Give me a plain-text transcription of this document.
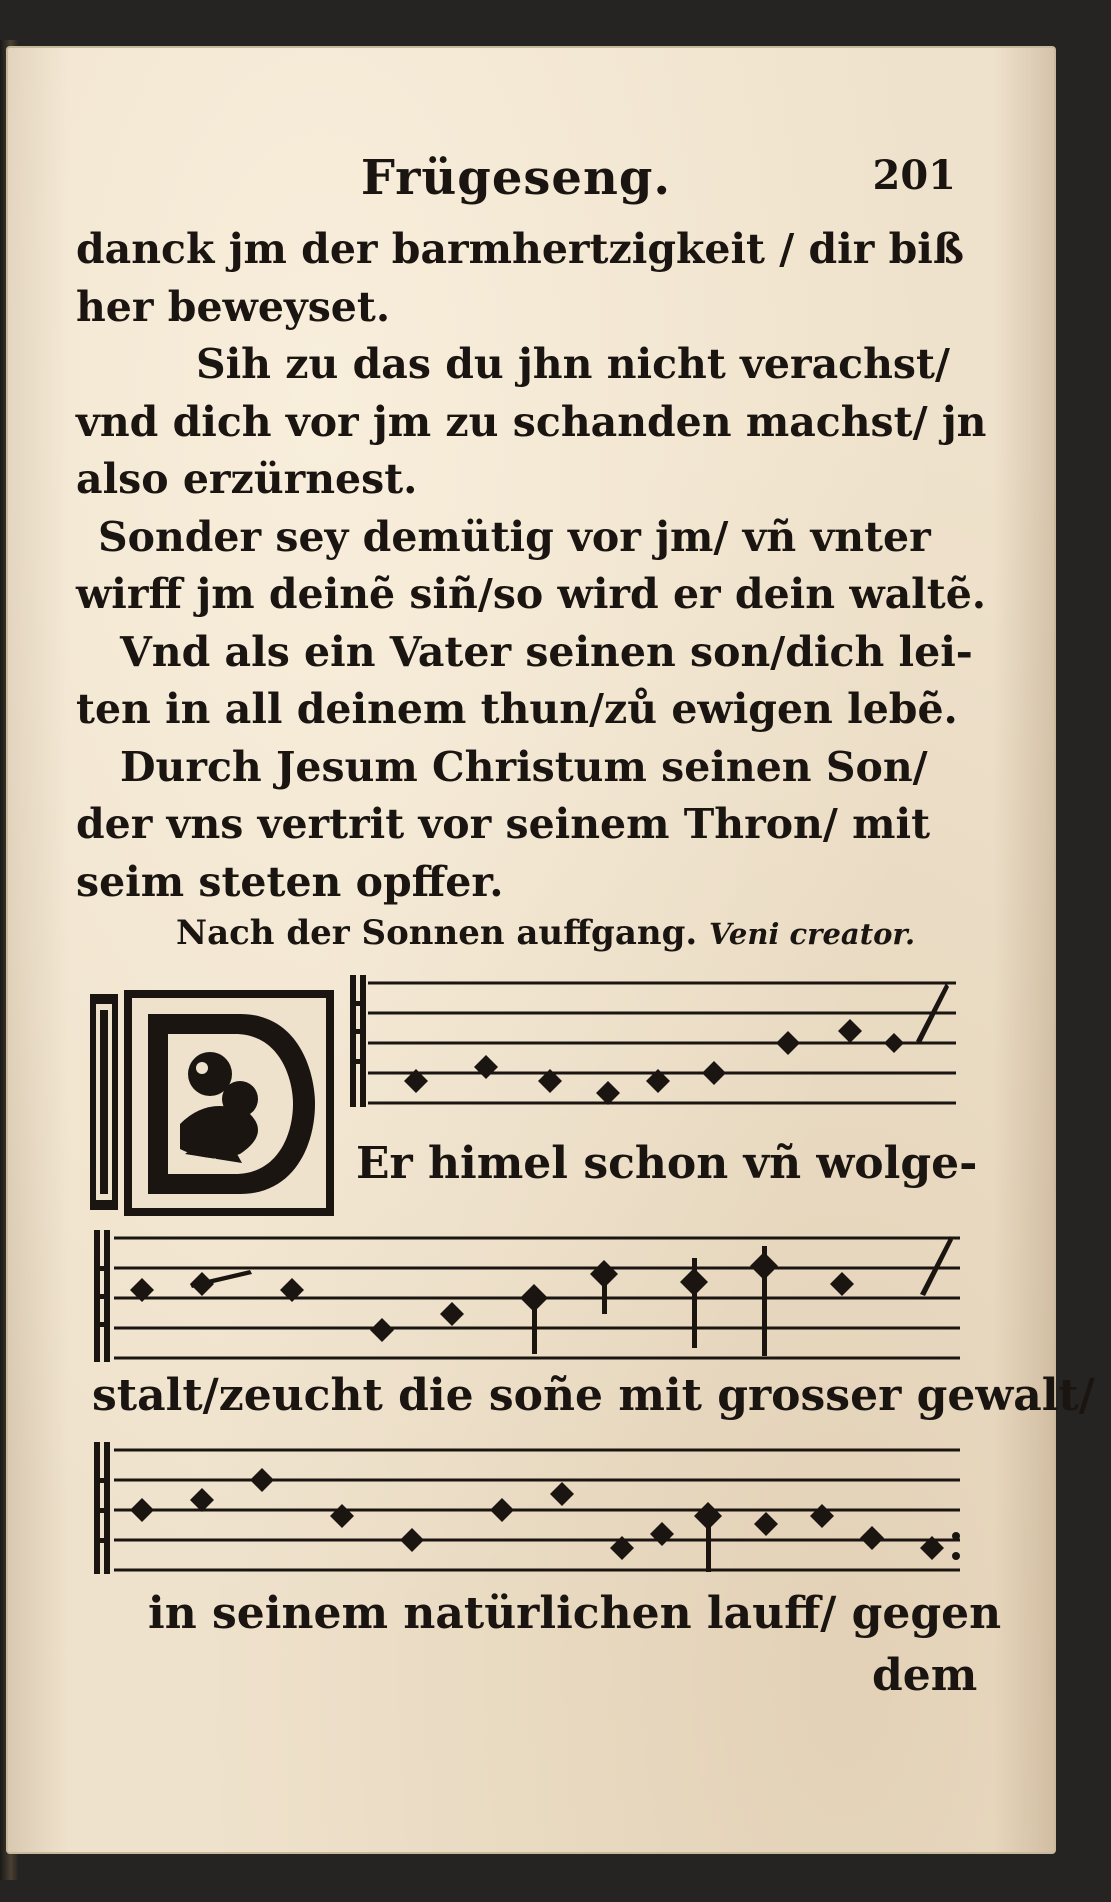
Frügeseng.	201
danck jm der barmhertzigkeit / dir biß
her beweyset.
Sih zu das du jhn nicht verachst/
vnd dich vor jm zu schanden machst/ jn
also erzürnest.
Sonder sey demütig vor jm/ vñ vnter
wirff jm deinẽ siñ/so wird er dein waltẽ.
Vnd als ein Vater seinen son/dich lei-
ten in all deinem thun/zů ewigen lebẽ.
Durch Jesum Christum seinen Son/
der vns vertrit vor seinem Thron/ mit
seim steten opffer.
Nach der Sonnen auffgang. Veni creator.
Er himel schon vñ wolge-
stalt/zeucht die soñe mit grosser gewalt/
in seinem natürlichen lauff/ gegen
dem
